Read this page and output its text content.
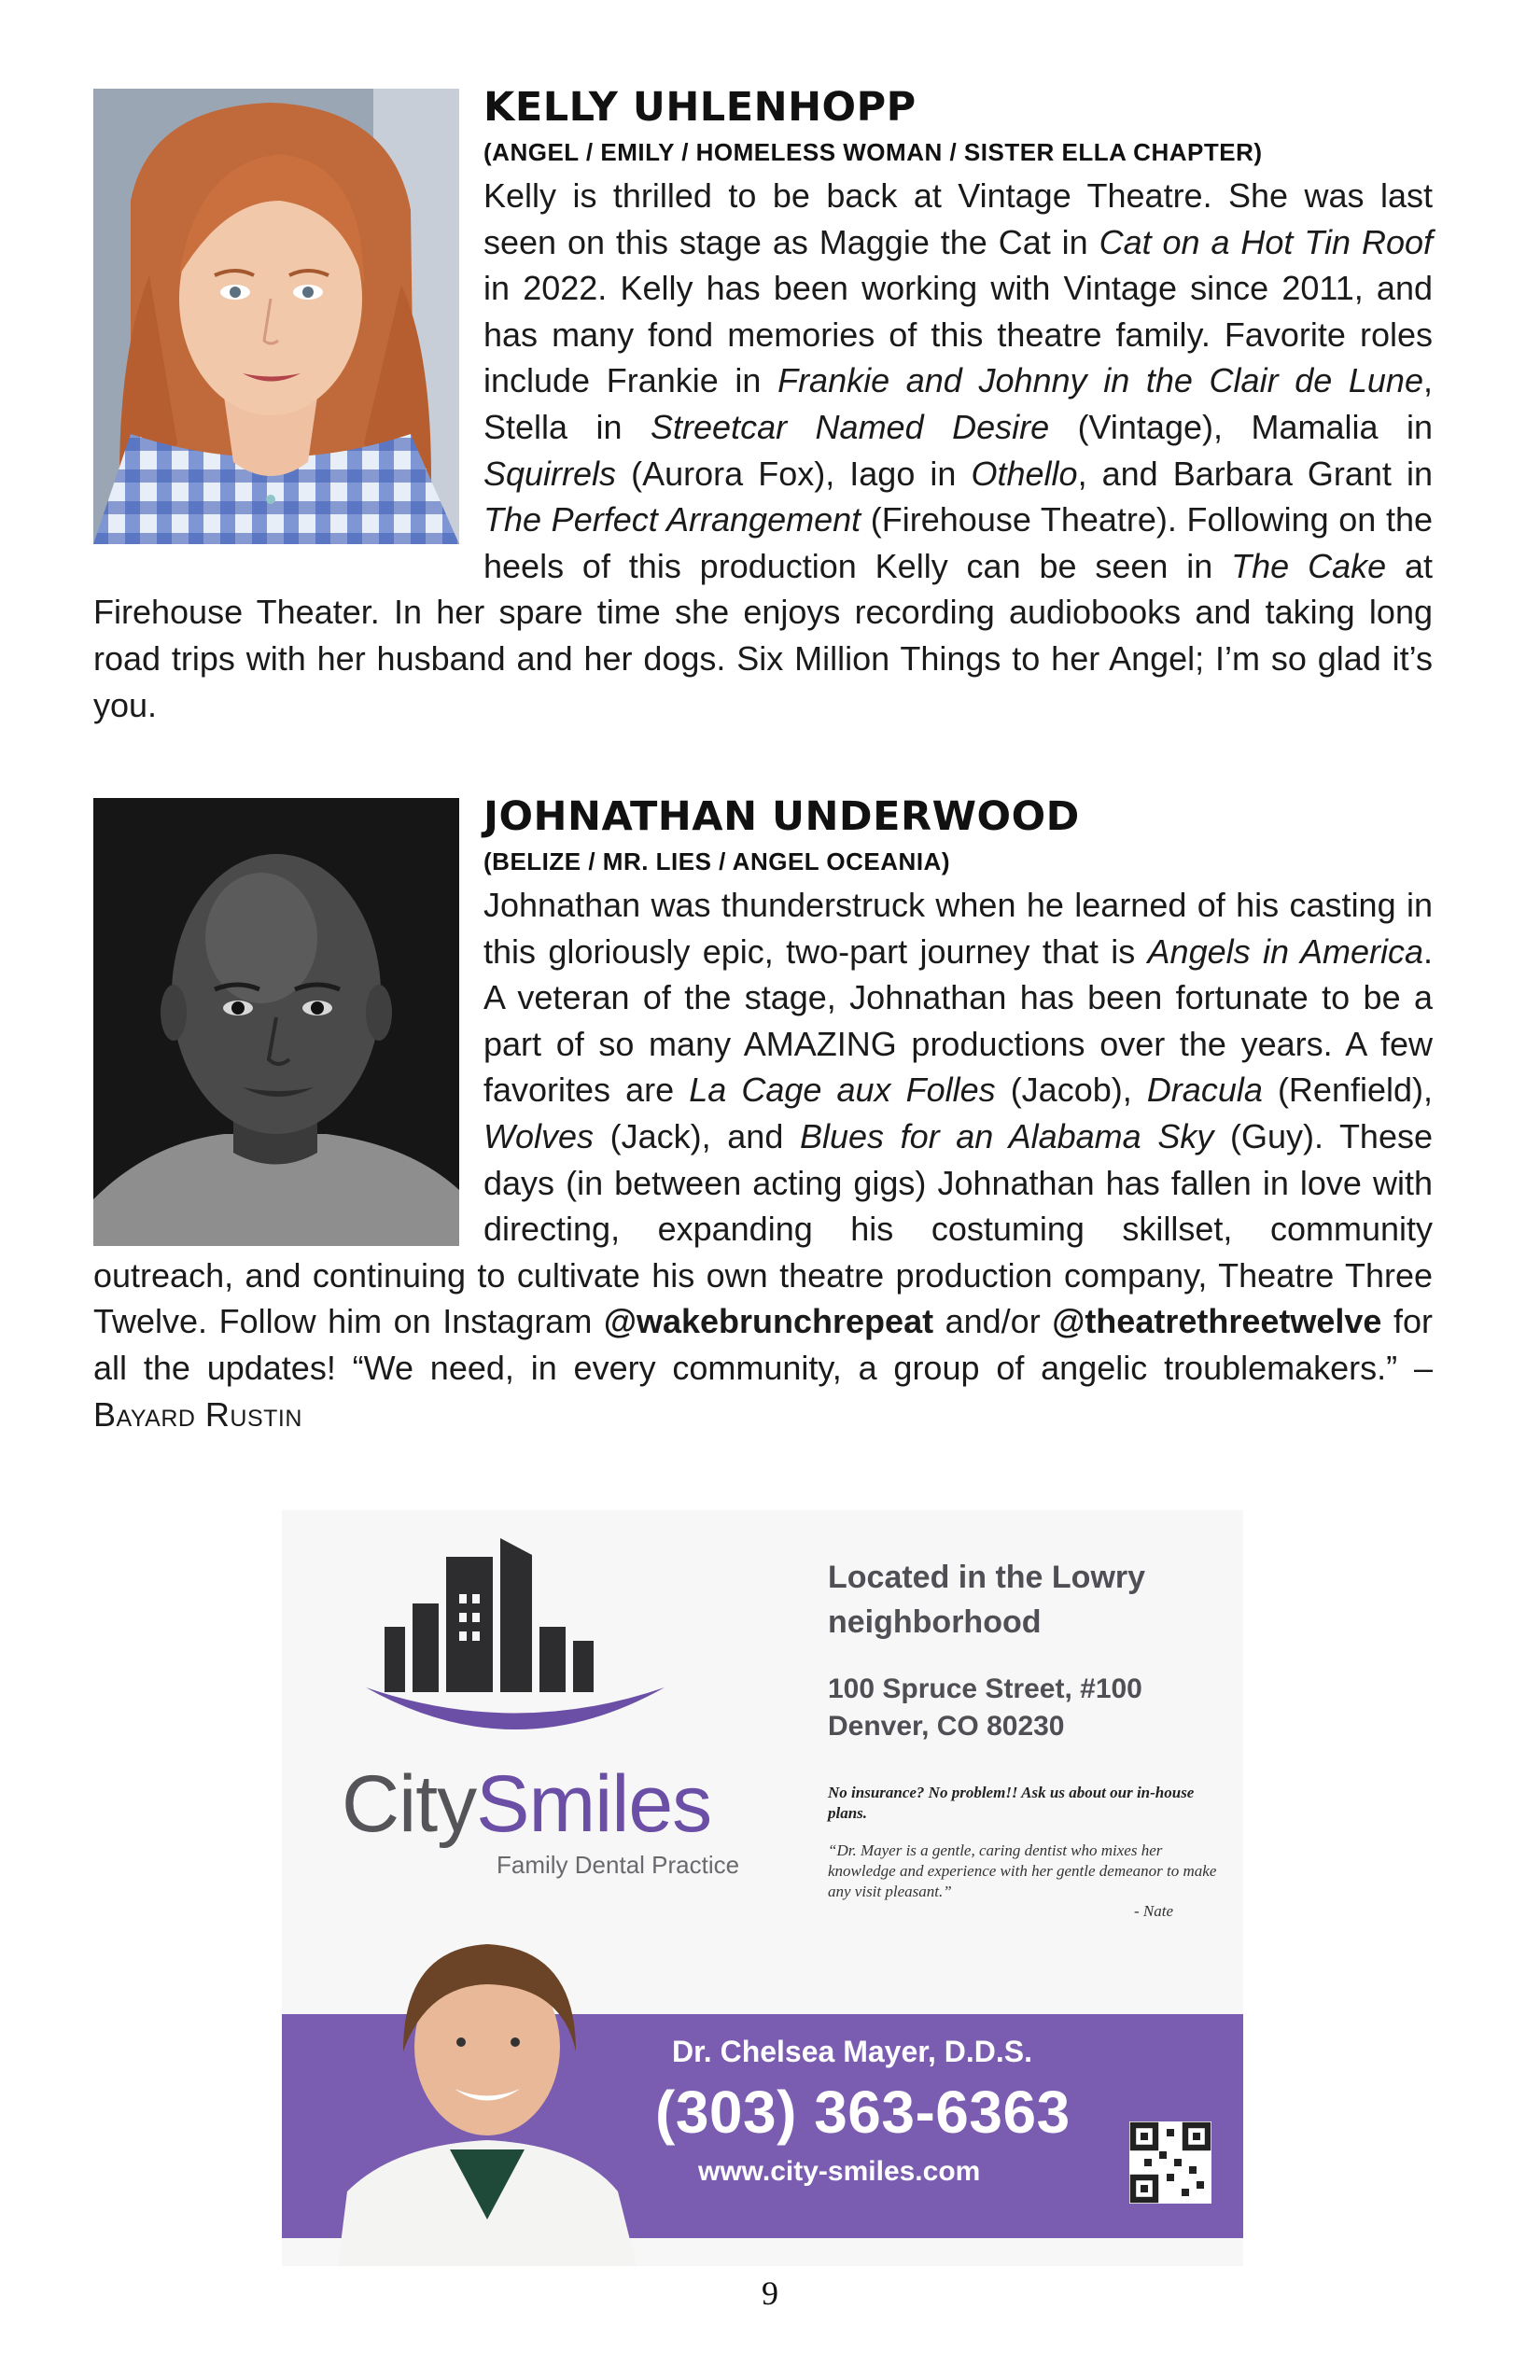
KELLY UHLENHOPP
(ANGEL / EMILY / HOMELESS WOMAN / SISTER ELLA CHAPTER)
Kelly is thrilled to be back at Vintage Theatre. She was last seen on this stage as Maggie the Cat in Cat on a Hot Tin Roof in 2022. Kelly has been working with Vintage since 2011, and has many fond memories of this theatre family. Favorite roles include Frankie in Frankie and Johnny in the Clair de Lune, Stella in Streetcar Named Desire (Vintage), Mamalia in Squirrels (Aurora Fox), Iago in Othello, and Barbara Grant in The Perfect Arrangement (Firehouse Theatre). Following on the heels of this production Kelly can be seen in The Cake at Firehouse Theater. In her spare time she enjoys recording audiobooks and taking long road trips with her husband and her dogs. Six Million Things to her Angel; I’m so glad it’s you.
JOHNATHAN UNDERWOOD
(BELIZE / MR. LIES / ANGEL OCEANIA)
Johnathan was thunderstruck when he learned of his casting in this gloriously epic, two-part journey that is Angels in America. A veteran of the stage, Johnathan has been fortunate to be a part of so many AMAZING productions over the years. A few favorites are La Cage aux Folles (Jacob), Dracula (Renfield), Wolves (Jack), and Blues for an Alabama Sky (Guy). These days (in between acting gigs) Johnathan has fallen in love with directing, expanding his costuming skillset, community outreach, and continuing to cultivate his own theatre production company, Theatre Three Twelve. Follow him on Instagram @wakebrunchrepeat and/or @theatrethreetwelve for all the updates! “We need, in every community, a group of angelic troublemakers.” –Bayard Rustin
CitySmiles
Family Dental Practice
Located in the Lowry
neighborhood
100 Spruce Street, #100
Denver, CO 80230
No insurance? No problem!! Ask us about our in-house plans.
“Dr. Mayer is a gentle, caring dentist who mixes her knowledge and experience with her gentle demeanor to make any visit pleasant.”
- Nate
Dr. Chelsea Mayer, D.D.S.
(303) 363-6363
www.city-smiles.com
9
